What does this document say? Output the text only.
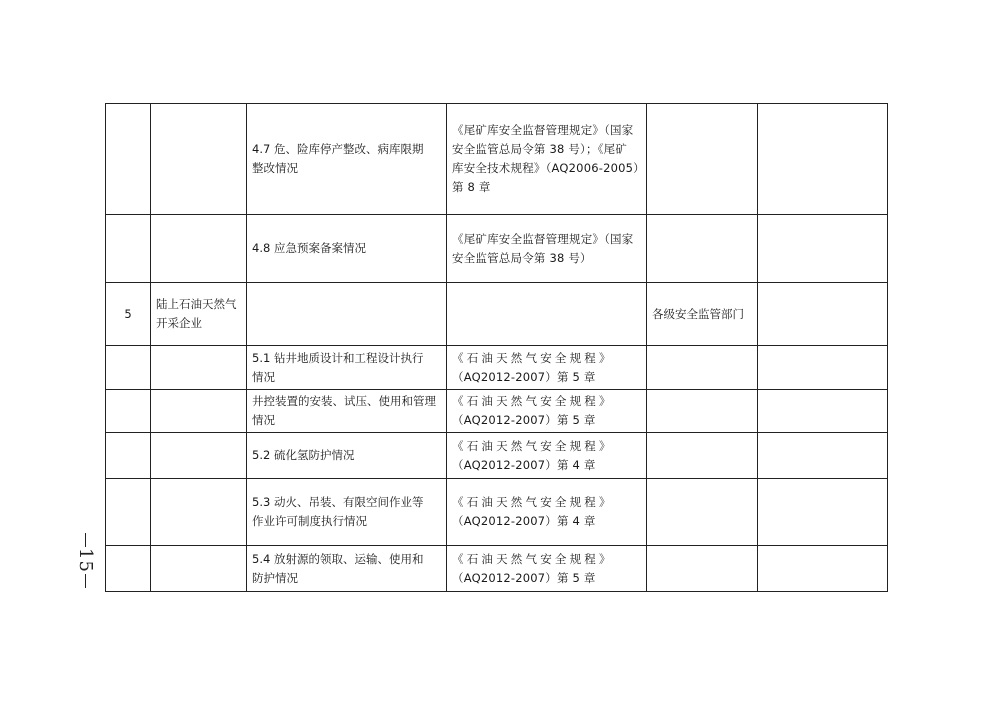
		4.7 危、险库停产整改、病库限期
整改情况	《尾矿库安全监督管理规定》（国家
安全监管总局令第 38 号）；《尾矿
库安全技术规程》（AQ2006-2005）
第 8 章		

		4.8 应急预案备案情况	《尾矿库安全监督管理规定》（国家
安全监管总局令第 38 号）		

5	陆上石油天然气
开采企业			各级安全监管部门	

		5.1 钻井地质设计和工程设计执行
情况	《石油天然气安全规程》
（AQ2012-2007）第 5 章		

		井控装置的安装、试压、使用和管理
情况	《石油天然气安全规程》
（AQ2012-2007）第 5 章		

		5.2 硫化氢防护情况	《石油天然气安全规程》
（AQ2012-2007）第 4 章		

		5.3 动火、吊装、有限空间作业等
作业许可制度执行情况	《石油天然气安全规程》
（AQ2012-2007）第 4 章		

		5.4 放射源的领取、运输、使用和
防护情况	《石油天然气安全规程》
（AQ2012-2007）第 5 章		

15
